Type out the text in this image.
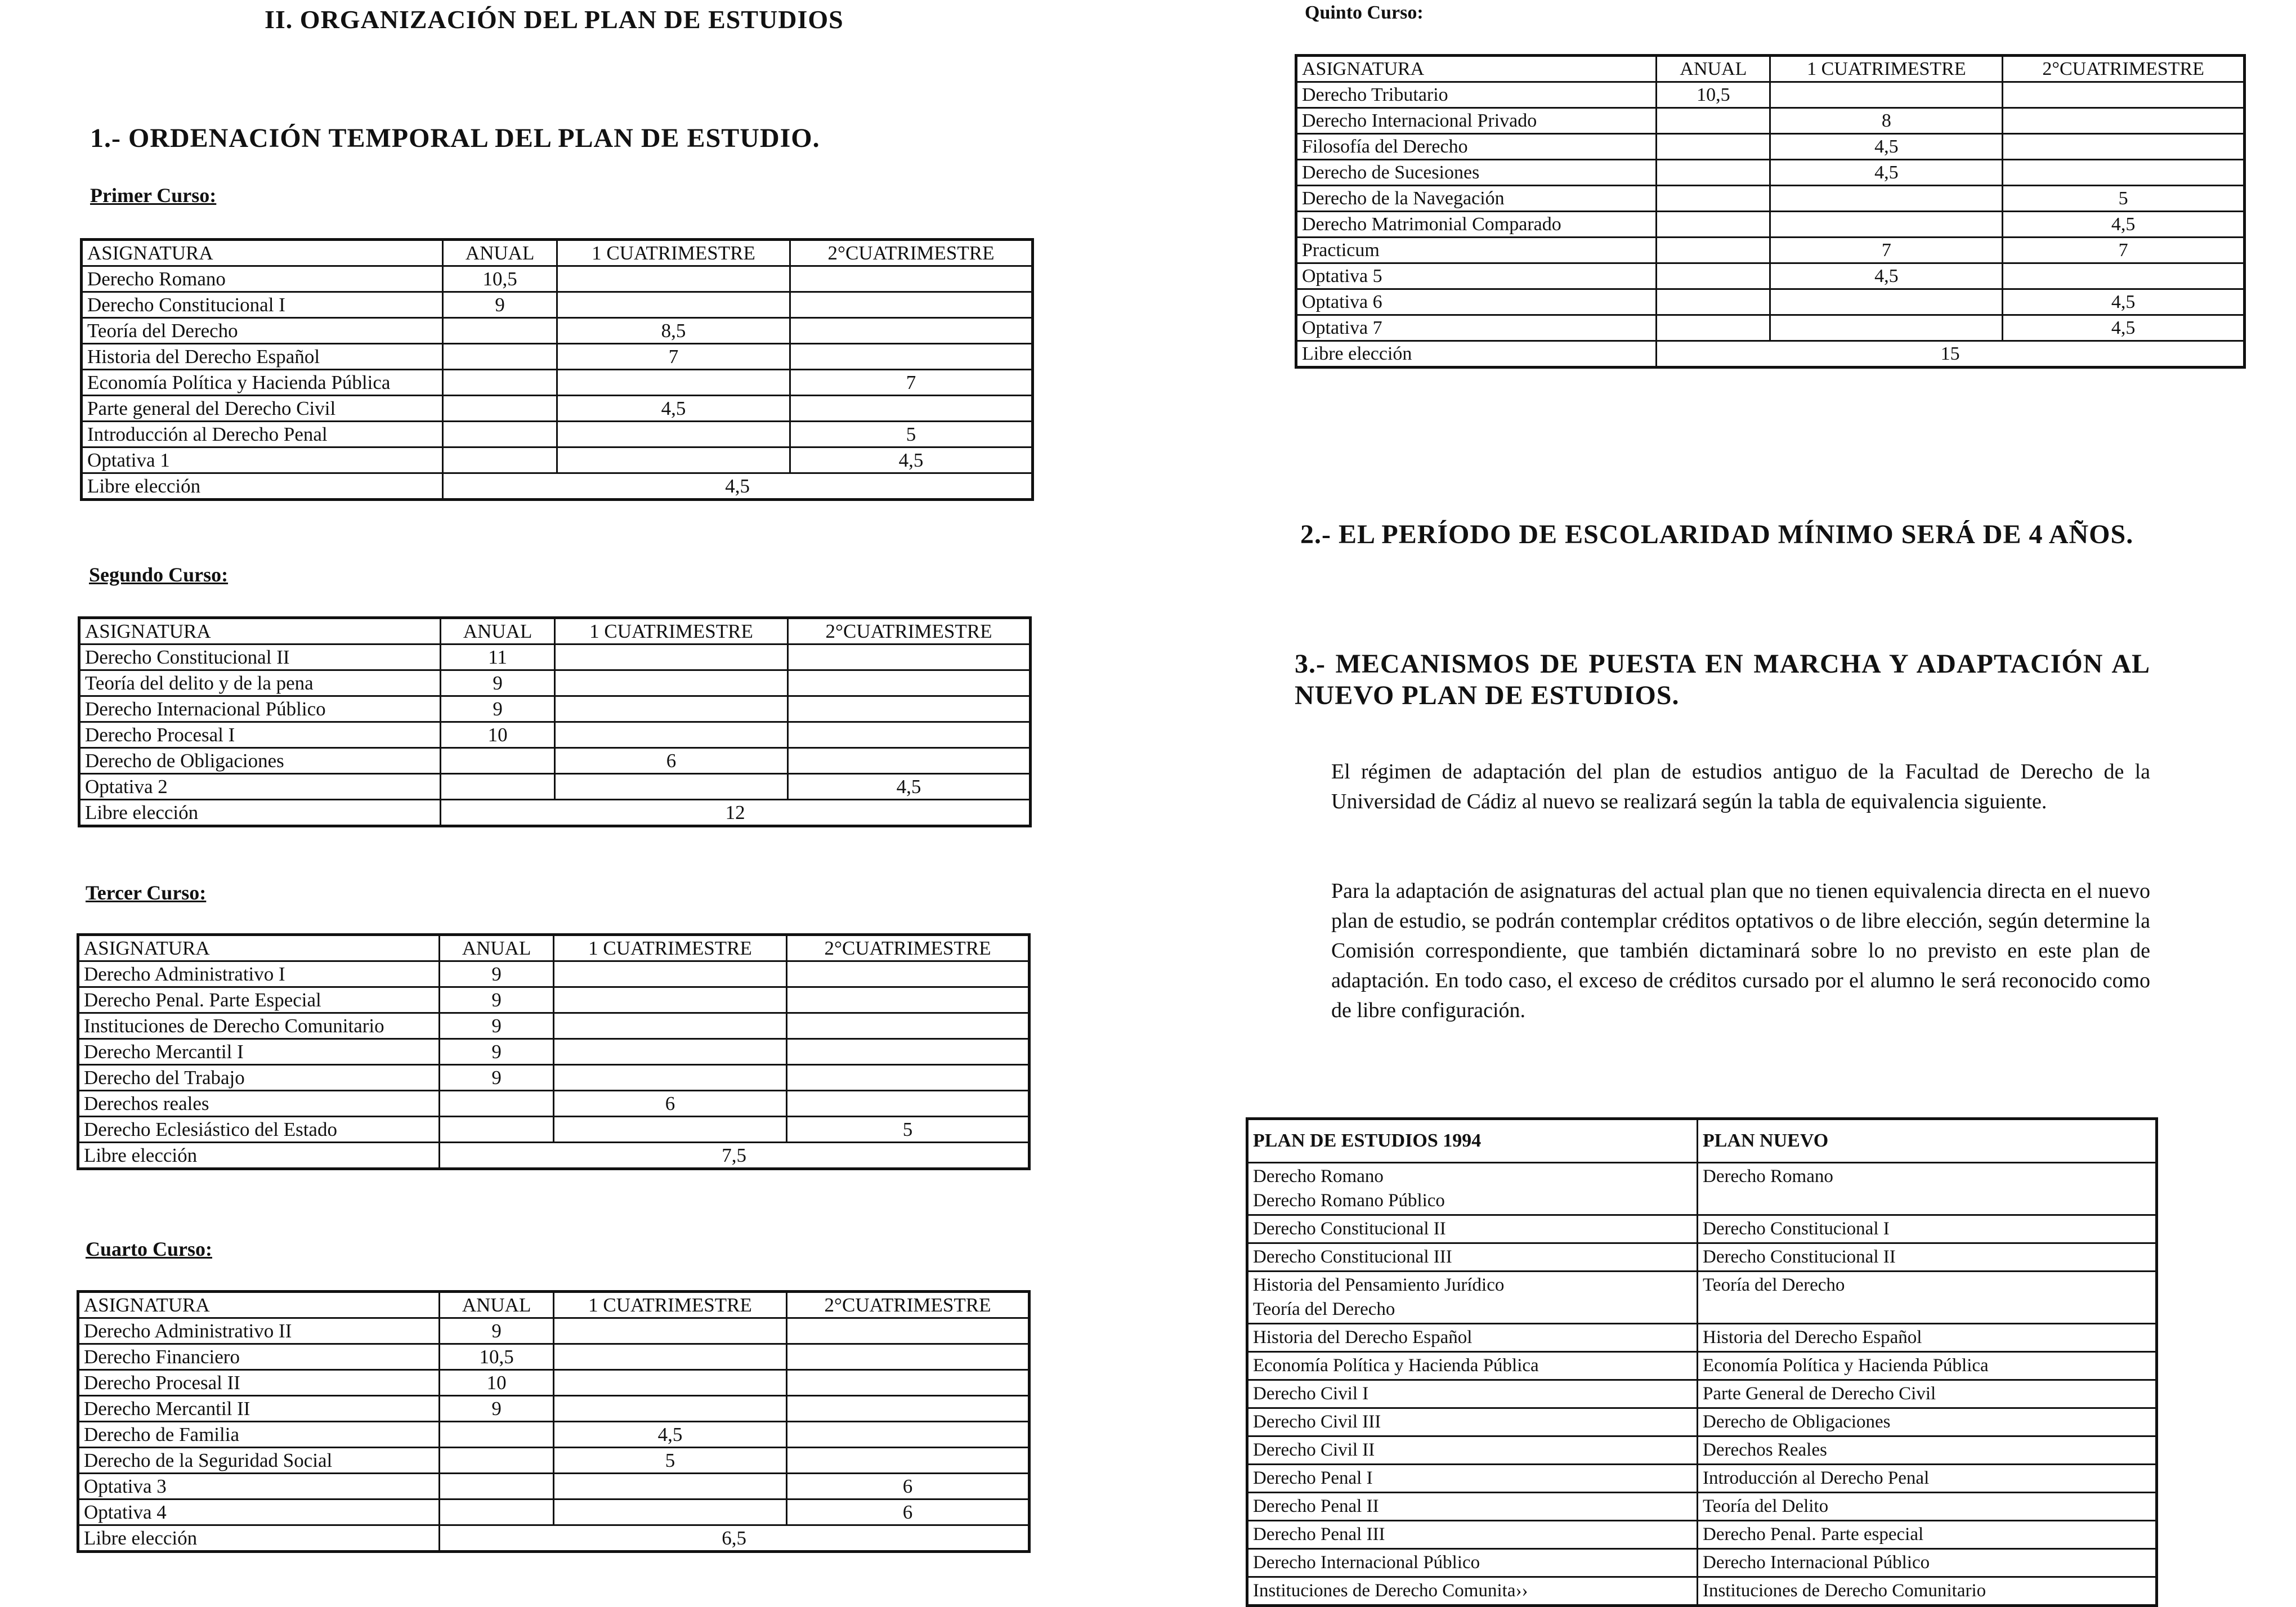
II. ORGANIZACIÓN DEL PLAN DE ESTUDIOS
1.- ORDENACIÓN TEMPORAL DEL PLAN DE ESTUDIO.
Primer Curso:
ASIGNATURA	ANUAL	1 CUATRIMESTRE	2°CUATRIMESTRE
Derecho Romano	10,5		
Derecho Constitucional I	9		
Teoría del Derecho		8,5	
Historia del Derecho Español		7	
Economía Política y Hacienda Pública			7
Parte general del Derecho Civil		4,5	
Introducción al Derecho Penal			5
Optativa 1			4,5
Libre elección	4,5		
Segundo Curso:
ASIGNATURA	ANUAL	1 CUATRIMESTRE	2°CUATRIMESTRE
Derecho Constitucional II	11		
Teoría del delito y de la pena	9		
Derecho Internacional Público	9		
Derecho Procesal I	10		
Derecho de Obligaciones		6	
Optativa 2			4,5
Libre elección	12		
Tercer Curso:
ASIGNATURA	ANUAL	1 CUATRIMESTRE	2°CUATRIMESTRE
Derecho Administrativo I	9		
Derecho Penal. Parte Especial	9		
Instituciones de Derecho Comunitario	9		
Derecho Mercantil I	9		
Derecho del Trabajo	9		
Derechos reales		6	
Derecho Eclesiástico del Estado			5
Libre elección	7,5		
Cuarto Curso:
ASIGNATURA	ANUAL	1 CUATRIMESTRE	2°CUATRIMESTRE
Derecho Administrativo II	9		
Derecho Financiero	10,5		
Derecho Procesal II	10		
Derecho Mercantil II	9		
Derecho de Familia		4,5	
Derecho de la Seguridad Social		5	
Optativa 3			6
Optativa 4			6
Libre elección	6,5		
Quinto Curso:
ASIGNATURA	ANUAL	1 CUATRIMESTRE	2°CUATRIMESTRE
Derecho Tributario	10,5		
Derecho Internacional Privado		8	
Filosofía del Derecho		4,5	
Derecho de Sucesiones		4,5	
Derecho de la Navegación			5
Derecho Matrimonial Comparado			4,5
Practicum		7	7
Optativa 5		4,5	
Optativa 6			4,5
Optativa 7			4,5
Libre elección	15		
2.- EL PERÍODO DE ESCOLARIDAD MÍNIMO SERÁ DE 4 AÑOS.
3.- MECANISMOS DE PUESTA EN MARCHA Y ADAPTACIÓN AL
NUEVO PLAN DE ESTUDIOS.
El régimen de adaptación del plan de estudios antiguo de la Facultad de Derecho de la Universidad de Cádiz al nuevo se realizará según la tabla de equivalencia siguiente.
Para la adaptación de asignaturas del actual plan que no tienen equivalencia directa en el nuevo plan de estudio, se podrán contemplar créditos optativos o de libre elección, según determine la Comisión correspondiente, que también dictaminará sobre lo no previsto en este plan de adaptación. En todo caso, el exceso de créditos cursado por el alumno le será reconocido como de libre configuración.
PLAN DE ESTUDIOS 1994	PLAN NUEVO
Derecho Romano
Derecho Romano Público	Derecho Romano
Derecho Constitucional II	Derecho Constitucional I
Derecho Constitucional III	Derecho Constitucional II
Historia del Pensamiento Jurídico
Teoría del Derecho	Teoría del Derecho
Historia del Derecho Español	Historia del Derecho Español
Economía Política y Hacienda Pública	Economía Política y Hacienda Pública
Derecho Civil I	Parte General de Derecho Civil
Derecho Civil III	Derecho de Obligaciones
Derecho Civil II	Derechos Reales
Derecho Penal I	Introducción al Derecho Penal
Derecho Penal II	Teoría del Delito
Derecho Penal III	Derecho Penal. Parte especial
Derecho Internacional Público	Derecho Internacional Público
Instituciones de Derecho Comunita››	Instituciones de Derecho Comunitario
